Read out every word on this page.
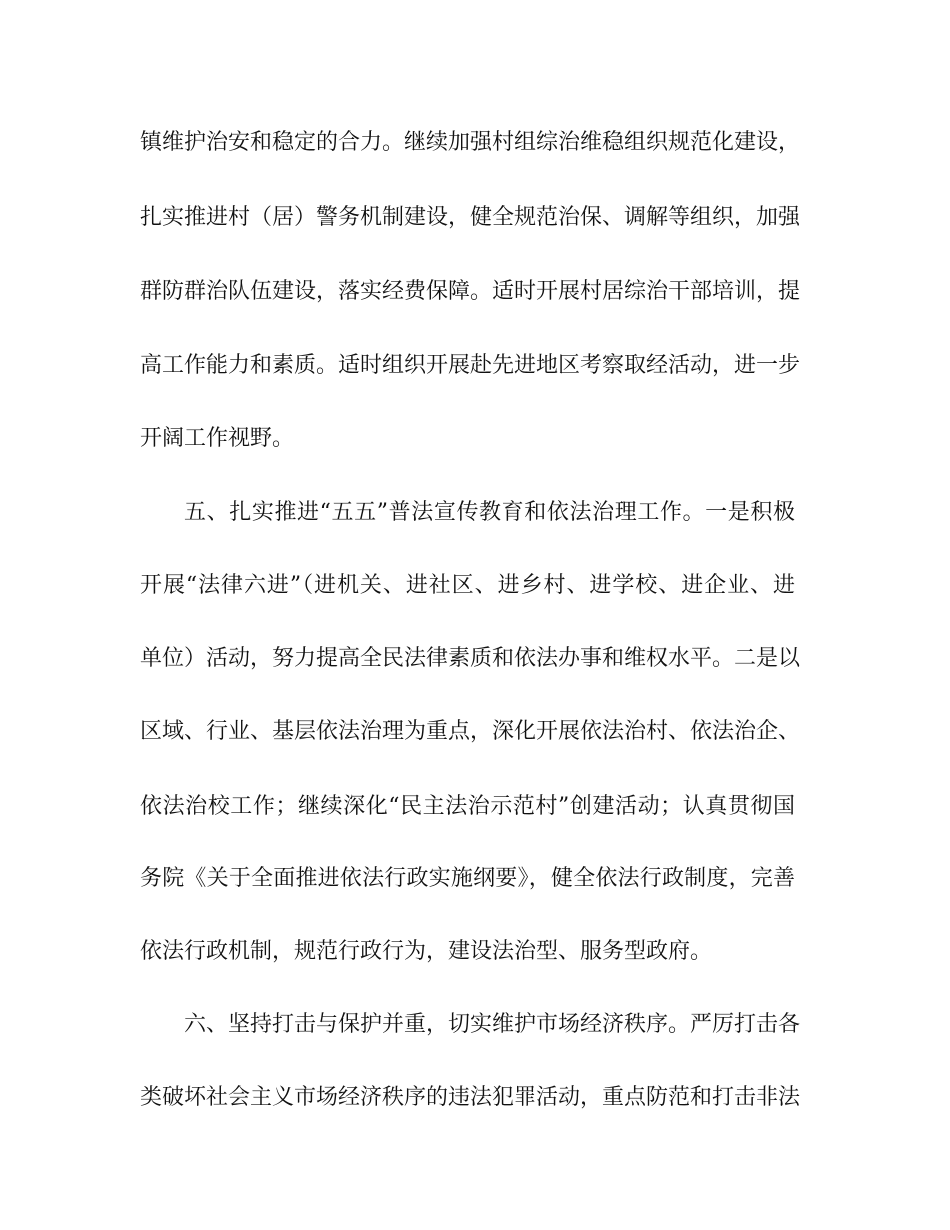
镇维护治安和稳定的合力。继续加强村组综治维稳组织规范化建设，
扎实推进村（居）警务机制建设，健全规范治保、调解等组织，加强
群防群治队伍建设，落实经费保障。适时开展村居综治干部培训，提
高工作能力和素质。适时组织开展赴先进地区考察取经活动，进一步
开阔工作视野。
五、扎实推进“五五”普法宣传教育和依法治理工作。一是积极
开展“法律六进”（进机关、进社区、进乡村、进学校、进企业、进
单位）活动，努力提高全民法律素质和依法办事和维权水平。二是以
区域、行业、基层依法治理为重点，深化开展依法治村、依法治企、
依法治校工作；继续深化“民主法治示范村”创建活动；认真贯彻国
务院《关于全面推进依法行政实施纲要》，健全依法行政制度，完善
依法行政机制，规范行政行为，建设法治型、服务型政府。
六、坚持打击与保护并重，切实维护市场经济秩序。严厉打击各
类破坏社会主义市场经济秩序的违法犯罪活动，重点防范和打击非法
